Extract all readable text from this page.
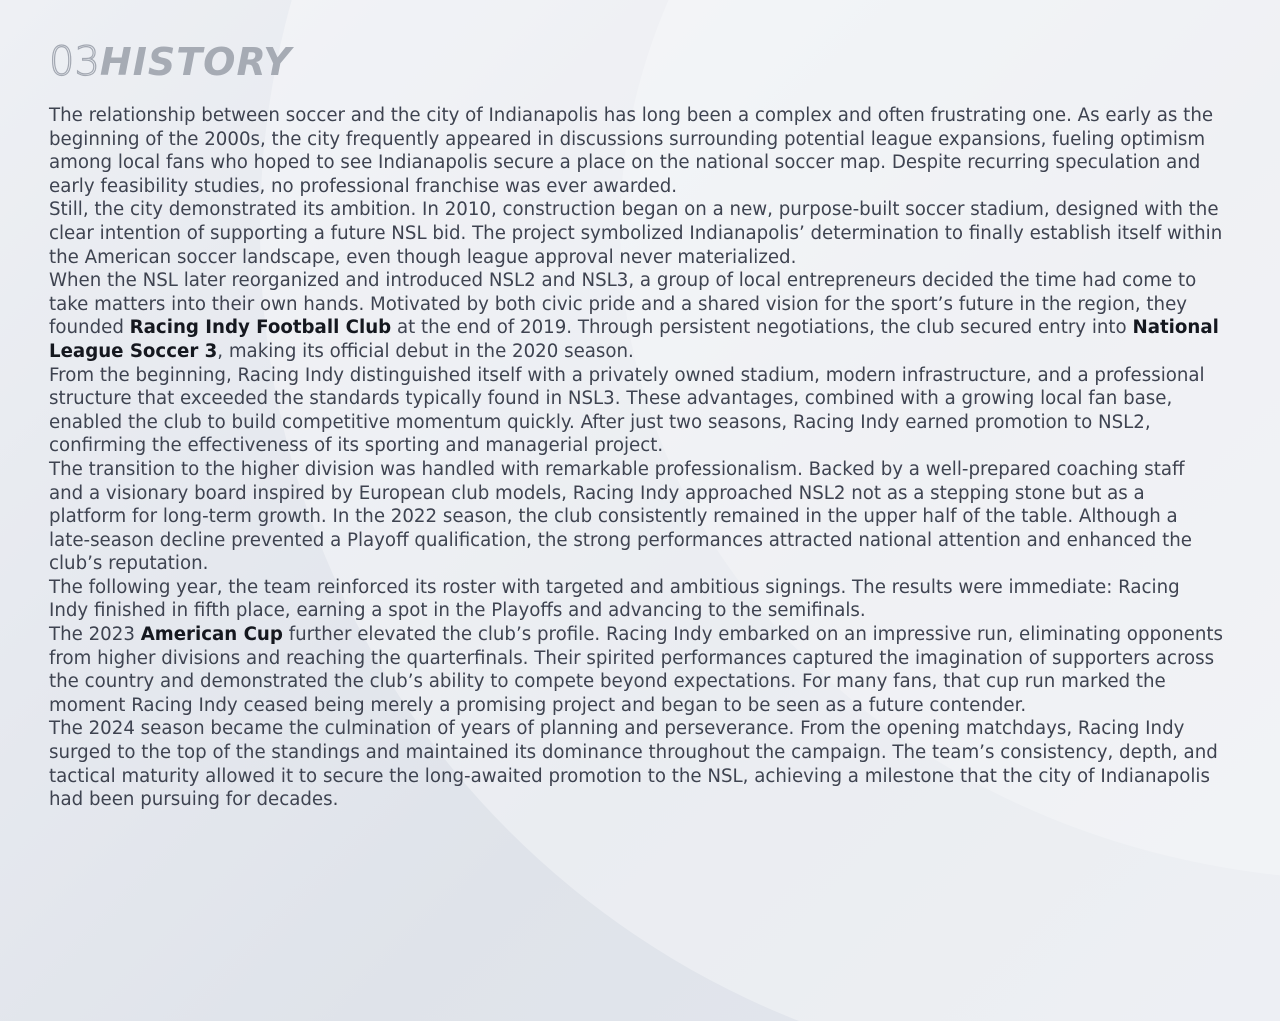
03 HISTORY

The relationship between soccer and the city of Indianapolis has long been a complex and often frustrating one. As early as the beginning of the 2000s, the city frequently appeared in discussions surrounding potential league expansions, fueling optimism among local fans who hoped to see Indianapolis secure a place on the national soccer map. Despite recurring speculation and early feasibility studies, no professional franchise was ever awarded.

Still, the city demonstrated its ambition. In 2010, construction began on a new, purpose-built soccer stadium, designed with the clear intention of supporting a future NSL bid. The project symbolized Indianapolis’ determination to finally establish itself within the American soccer landscape, even though league approval never materialized.

When the NSL later reorganized and introduced NSL2 and NSL3, a group of local entrepreneurs decided the time had come to take matters into their own hands. Motivated by both civic pride and a shared vision for the sport’s future in the region, they founded Racing Indy Football Club at the end of 2019. Through persistent negotiations, the club secured entry into National League Soccer 3, making its official debut in the 2020 season.

From the beginning, Racing Indy distinguished itself with a privately owned stadium, modern infrastructure, and a professional structure that exceeded the standards typically found in NSL3. These advantages, combined with a growing local fan base, enabled the club to build competitive momentum quickly. After just two seasons, Racing Indy earned promotion to NSL2, confirming the effectiveness of its sporting and managerial project.

The transition to the higher division was handled with remarkable professionalism. Backed by a well-prepared coaching staff and a visionary board inspired by European club models, Racing Indy approached NSL2 not as a stepping stone but as a platform for long-term growth. In the 2022 season, the club consistently remained in the upper half of the table. Although a late-season decline prevented a Playoff qualification, the strong performances attracted national attention and enhanced the club’s reputation.

The following year, the team reinforced its roster with targeted and ambitious signings. The results were immediate: Racing Indy finished in fifth place, earning a spot in the Playoffs and advancing to the semifinals.

The 2023 American Cup further elevated the club’s profile. Racing Indy embarked on an impressive run, eliminating opponents from higher divisions and reaching the quarterfinals. Their spirited performances captured the imagination of supporters across the country and demonstrated the club’s ability to compete beyond expectations. For many fans, that cup run marked the moment Racing Indy ceased being merely a promising project and began to be seen as a future contender.

The 2024 season became the culmination of years of planning and perseverance. From the opening matchdays, Racing Indy surged to the top of the standings and maintained its dominance throughout the campaign. The team’s consistency, depth, and tactical maturity allowed it to secure the long-awaited promotion to the NSL, achieving a milestone that the city of Indianapolis had been pursuing for decades.
